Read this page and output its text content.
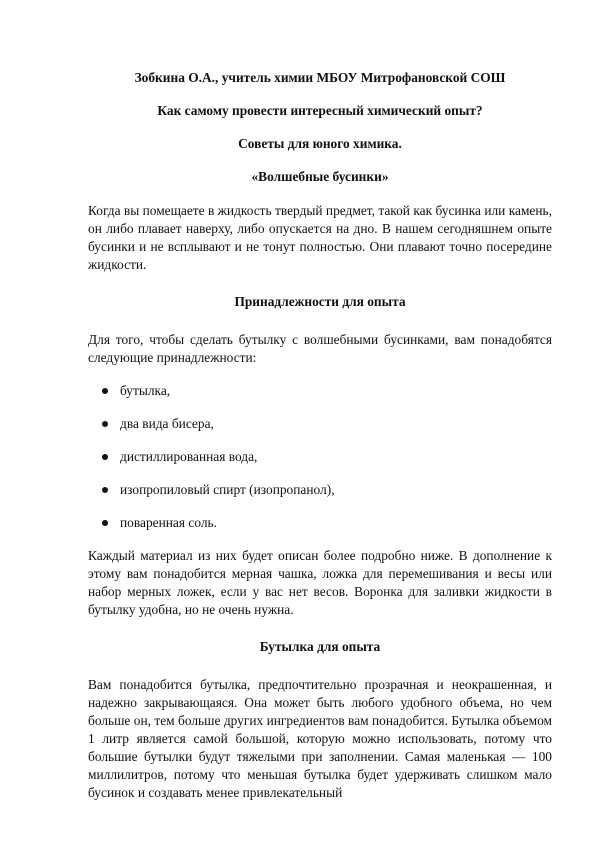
Зобкина О.А., учитель химии МБОУ Митрофановской СОШ

Как самому провести интересный химический опыт?

Советы для юного химика.

«Волшебные бусинки»

Когда вы помещаете в жидкость твердый предмет, такой как бусинка или камень, он либо плавает наверху, либо опускается на дно. В нашем сегодняшнем опыте бусинки и не всплывают и не тонут полностью. Они плавают точно посередине жидкости.

Принадлежности для опыта

Для того, чтобы сделать бутылку с волшебными бусинками, вам понадобятся следующие принадлежности:

бутылка,
два вида бисера,
дистиллированная вода,
изопропиловый спирт (изопропанол),
поваренная соль.

Каждый материал из них будет описан более подробно ниже. В дополнение к этому вам понадобится мерная чашка, ложка для перемешивания и весы или набор мерных ложек, если у вас нет весов. Воронка для заливки жидкости в бутылку удобна, но не очень нужна.

Бутылка для опыта

Вам понадобится бутылка, предпочтительно прозрачная и неокрашенная, и надежно закрывающаяся. Она может быть любого удобного объема, но чем больше он, тем больше других ингредиентов вам понадобится. Бутылка объемом 1 литр является самой большой, которую можно использовать, потому что большие бутылки будут тяжелыми при заполнении. Самая маленькая — 100 миллилитров, потому что меньшая бутылка будет удерживать слишком мало бусинок и создавать менее привлекательный
